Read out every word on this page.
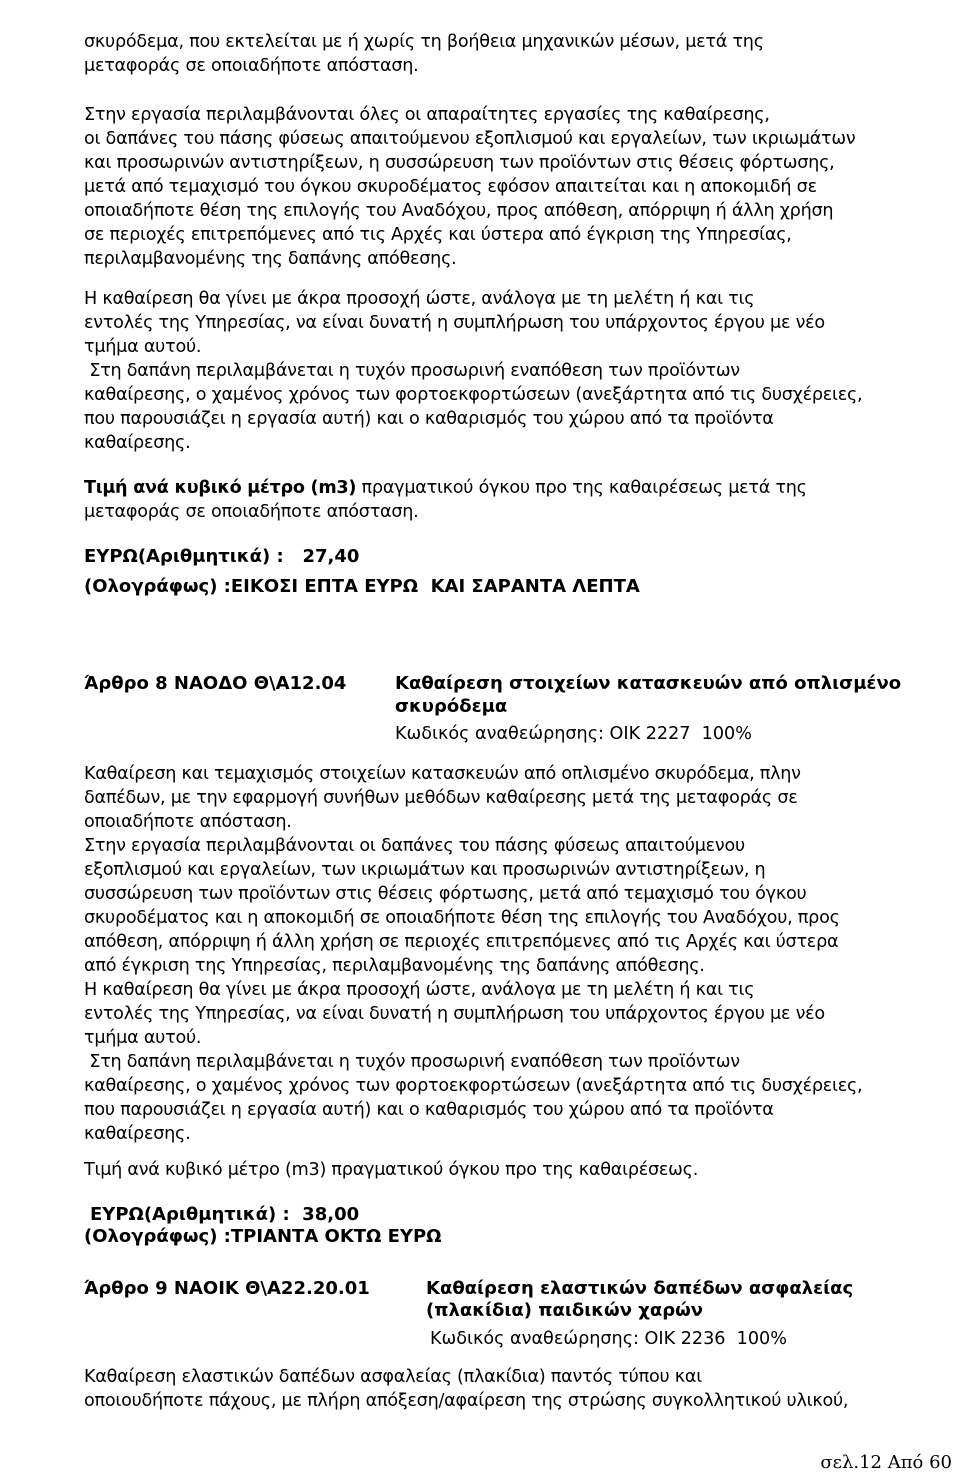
σκυρόδεμα, που εκτελείται με ή χωρίς τη βοήθεια μηχανικών μέσων, μετά της

μεταφοράς σε οποιαδήποτε απόσταση.

Στην εργασία περιλαμβάνονται όλες οι απαραίτητες εργασίες της καθαίρεσης,

οι δαπάνες του πάσης φύσεως απαιτούμενου εξοπλισμού και εργαλείων, των ικριωμάτων

και προσωρινών αντιστηρίξεων, η συσσώρευση των προϊόντων στις θέσεις φόρτωσης,

μετά από τεμαχισμό του όγκου σκυροδέματος εφόσον απαιτείται και η αποκομιδή σε

οποιαδήποτε θέση της επιλογής του Αναδόχου, προς απόθεση, απόρριψη ή άλλη χρήση

σε περιοχές επιτρεπόμενες από τις Αρχές και ύστερα από έγκριση της Υπηρεσίας,

περιλαμβανομένης της δαπάνης απόθεσης.

Η καθαίρεση θα γίνει με άκρα προσοχή ώστε, ανάλογα με τη μελέτη ή και τις

εντολές της Υπηρεσίας, να είναι δυνατή η συμπλήρωση του υπάρχοντος έργου με νέο

τμήμα αυτού.

Στη δαπάνη περιλαμβάνεται η τυχόν προσωρινή εναπόθεση των προϊόντων

καθαίρεσης, ο χαμένος χρόνος των φορτοεκφορτώσεων (ανεξάρτητα από τις δυσχέρειες,

που παρουσιάζει η εργασία αυτή) και ο καθαρισμός του χώρου από τα προϊόντα

καθαίρεσης.

Τιμή ανά κυβικό μέτρο (m3) πραγματικού όγκου προ της καθαιρέσεως μετά της

μεταφοράς σε οποιαδήποτε απόσταση.

ΕΥΡΩ(Αριθμητικά) :   27,40
(Ολογράφως) :ΕΙΚΟΣΙ ΕΠΤΑ ΕΥΡΩ  ΚΑΙ ΣΑΡΑΝΤΑ ΛΕΠΤΑ
Άρθρο 8 ΝΑΟΔΟ Θ\Α12.04	Καθαίρεση στοιχείων κατασκευών από οπλισμένο
σκυρόδεμα
Κωδικός αναθεώρησης: ΟΙΚ 2227  100%

Καθαίρεση και τεμαχισμός στοιχείων κατασκευών από οπλισμένο σκυρόδεμα, πλην

δαπέδων, με την εφαρμογή συνήθων μεθόδων καθαίρεσης μετά της μεταφοράς σε

οποιαδήποτε απόσταση.

Στην εργασία περιλαμβάνονται οι δαπάνες του πάσης φύσεως απαιτούμενου

εξοπλισμού και εργαλείων, των ικριωμάτων και προσωρινών αντιστηρίξεων, η

συσσώρευση των προϊόντων στις θέσεις φόρτωσης, μετά από τεμαχισμό του όγκου

σκυροδέματος και η αποκομιδή σε οποιαδήποτε θέση της επιλογής του Αναδόχου, προς

απόθεση, απόρριψη ή άλλη χρήση σε περιοχές επιτρεπόμενες από τις Αρχές και ύστερα

από έγκριση της Υπηρεσίας, περιλαμβανομένης της δαπάνης απόθεσης.

Η καθαίρεση θα γίνει με άκρα προσοχή ώστε, ανάλογα με τη μελέτη ή και τις

εντολές της Υπηρεσίας, να είναι δυνατή η συμπλήρωση του υπάρχοντος έργου με νέο

τμήμα αυτού.

Στη δαπάνη περιλαμβάνεται η τυχόν προσωρινή εναπόθεση των προϊόντων

καθαίρεσης, ο χαμένος χρόνος των φορτοεκφορτώσεων (ανεξάρτητα από τις δυσχέρειες,

που παρουσιάζει η εργασία αυτή) και ο καθαρισμός του χώρου από τα προϊόντα

καθαίρεσης.

Τιμή ανά κυβικό μέτρο (m3) πραγματικού όγκου προ της καθαιρέσεως.
ΕΥΡΩ(Αριθμητικά) :  38,00
(Ολογράφως) :ΤΡΙΑΝΤΑ ΟΚΤΩ ΕΥΡΩ
Άρθρο 9 ΝΑΟΙΚ Θ\Α22.20.01	Καθαίρεση ελαστικών δαπέδων ασφαλείας
(πλακίδια) παιδικών χαρών
Κωδικός αναθεώρησης: ΟΙΚ 2236  100%

Καθαίρεση ελαστικών δαπέδων ασφαλείας (πλακίδια) παντός τύπου και

οποιουδήποτε πάχους, με πλήρη απόξεση/αφαίρεση της στρώσης συγκολλητικού υλικού,

σελ.12 Από 60
